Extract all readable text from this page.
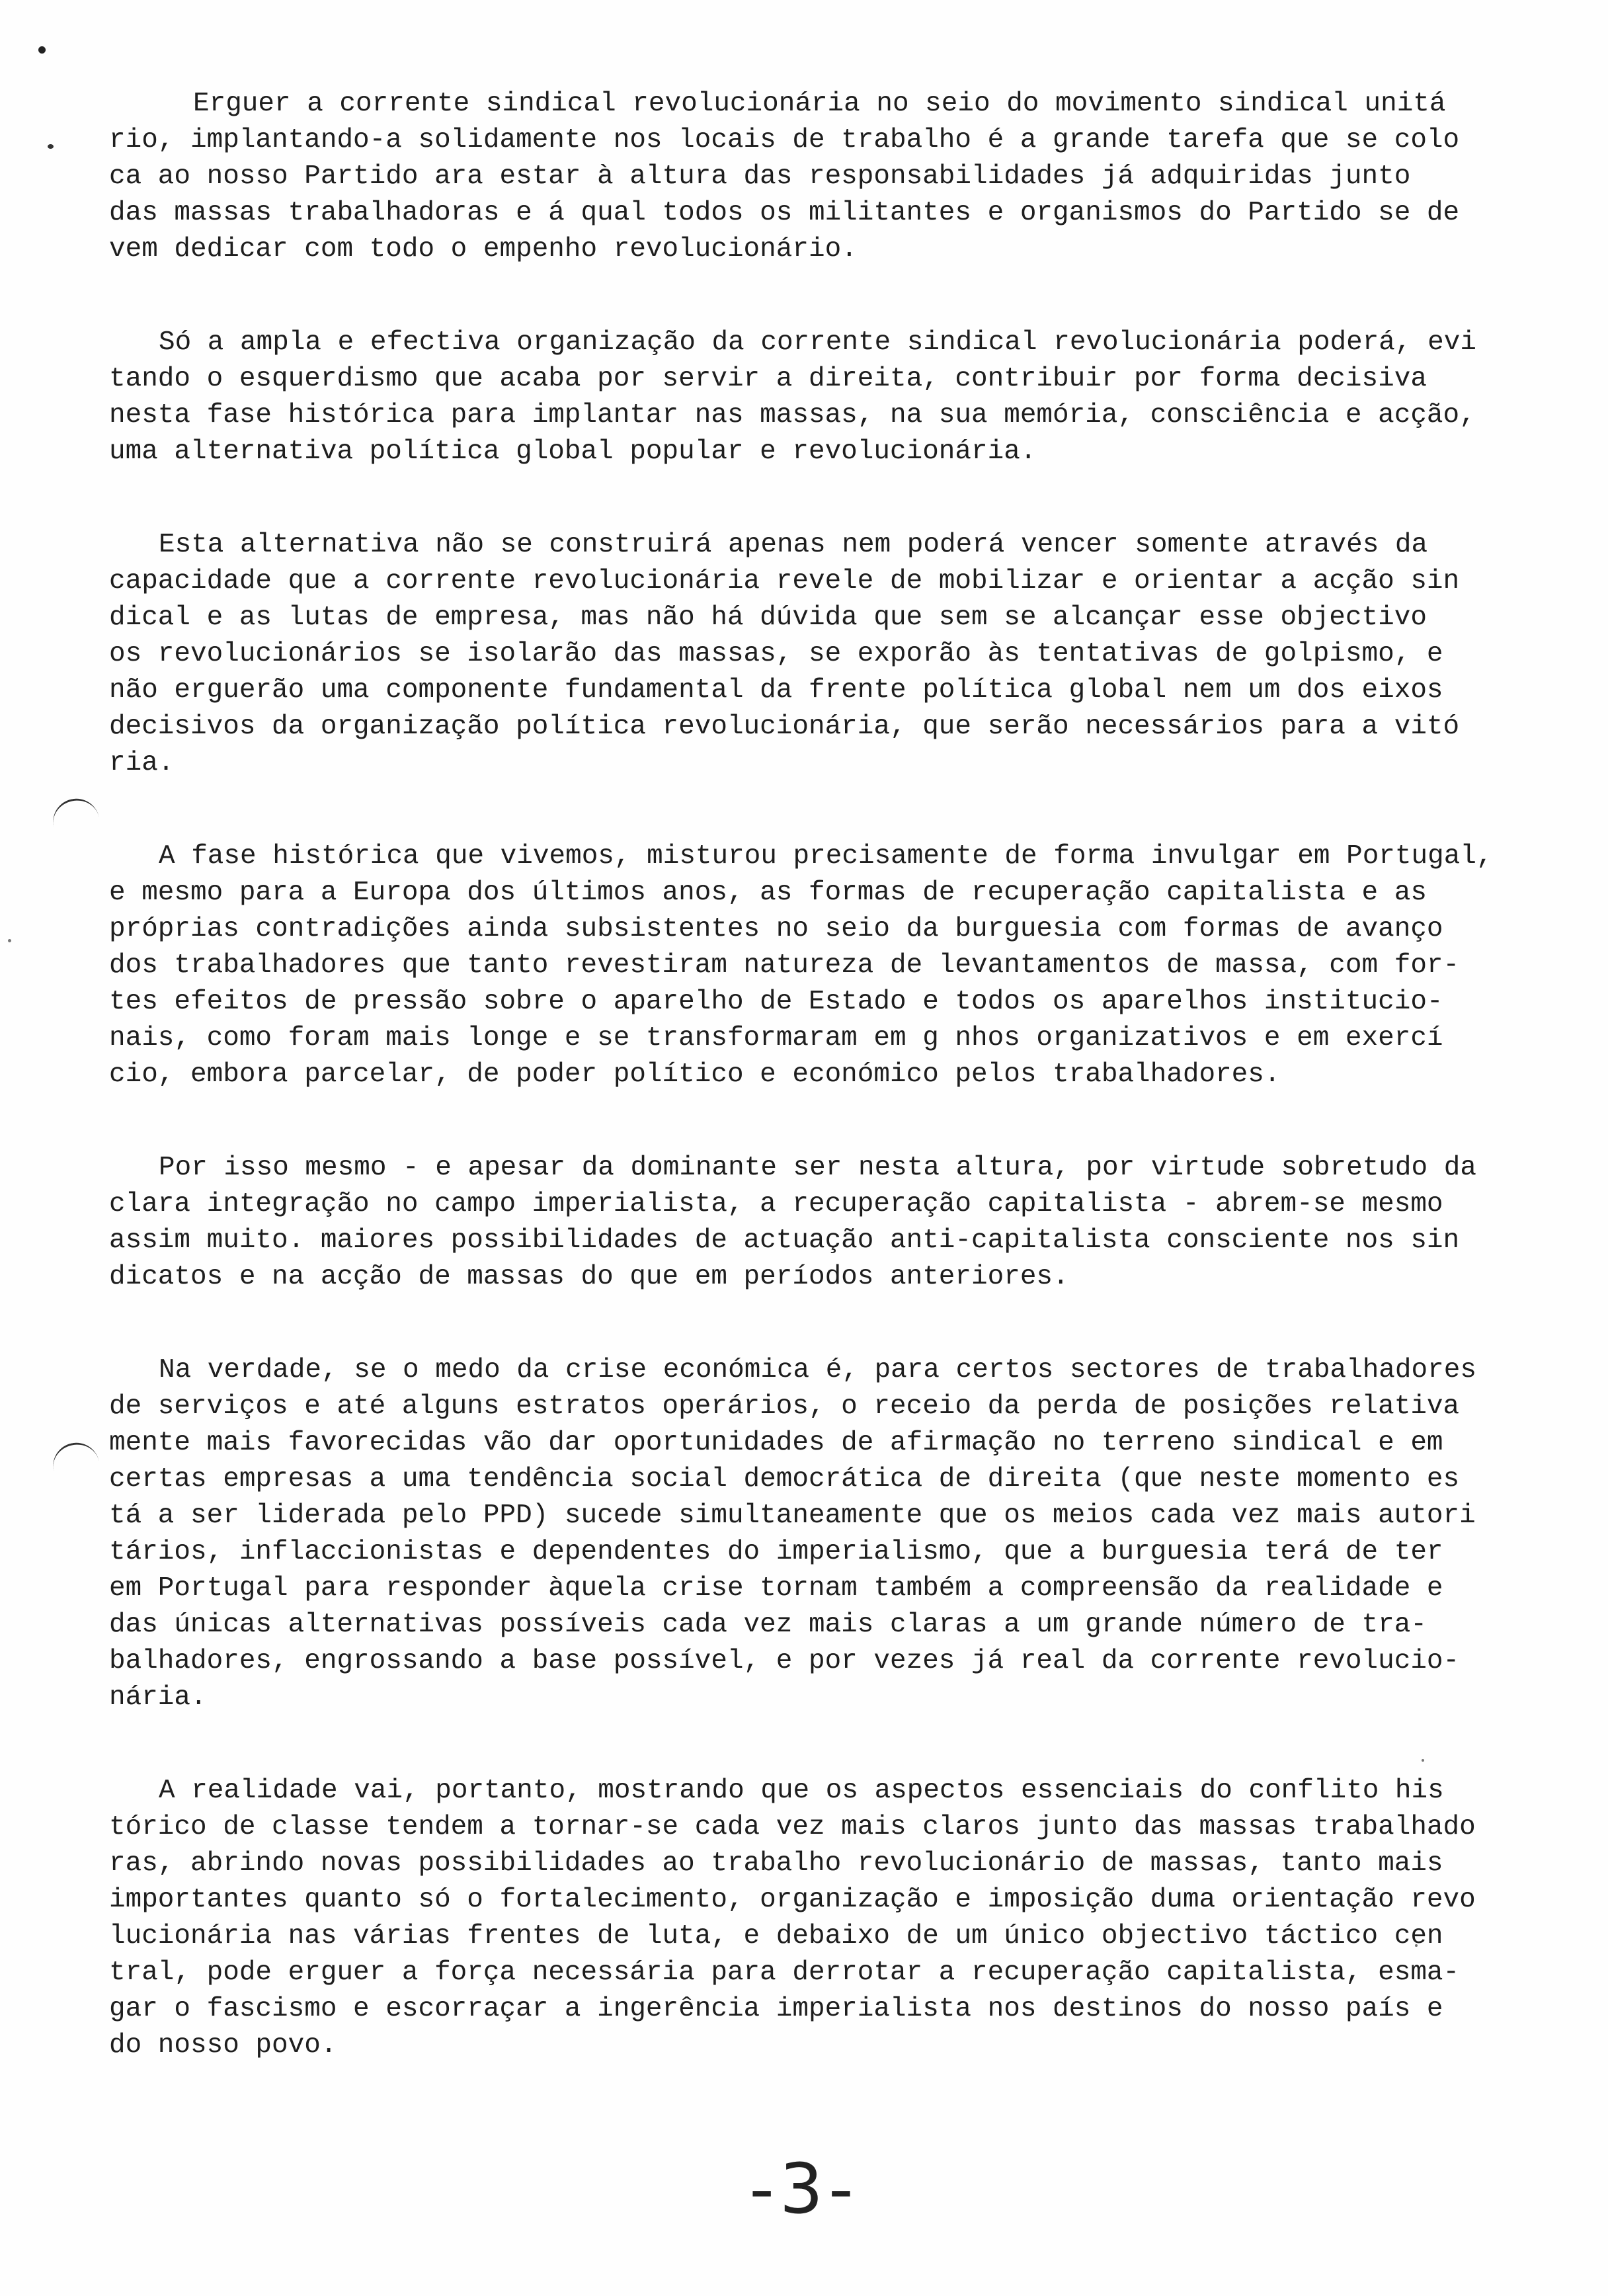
Erguer a corrente sindical revolucionária no seio do movimento sindical unitá
rio, implantando-a solidamente nos locais de trabalho é a grande tarefa que se colo
ca ao nosso Partido ara estar à altura das responsabilidades já adquiridas junto
das massas trabalhadoras e á qual todos os militantes e organismos do Partido se de
vem dedicar com todo o empenho revolucionário.

Só a ampla e efectiva organização da corrente sindical revolucionária poderá, evi
tando o esquerdismo que acaba por servir a direita, contribuir por forma decisiva
nesta fase histórica para implantar nas massas, na sua memória, consciência e acção,
uma alternativa política global popular e revolucionária.

Esta alternativa não se construirá apenas nem poderá vencer somente através da
capacidade que a corrente revolucionária revele de mobilizar e orientar a acção sin
dical e as lutas de empresa, mas não há dúvida que sem se alcançar esse objectivo
os revolucionários se isolarão das massas, se exporão às tentativas de golpismo, e
não erguerão uma componente fundamental da frente política global nem um dos eixos
decisivos da organização política revolucionária, que serão necessários para a vitó
ria.

A fase histórica que vivemos, misturou precisamente de forma invulgar em Portugal,
e mesmo para a Europa dos últimos anos, as formas de recuperação capitalista e as
próprias contradições ainda subsistentes no seio da burguesia com formas de avanço
dos trabalhadores que tanto revestiram natureza de levantamentos de massa, com for-
tes efeitos de pressão sobre o aparelho de Estado e todos os aparelhos institucio-
nais, como foram mais longe e se transformaram em g nhos organizativos e em exercí
cio, embora parcelar, de poder político e económico pelos trabalhadores.

Por isso mesmo - e apesar da dominante ser nesta altura, por virtude sobretudo da
clara integração no campo imperialista, a recuperação capitalista - abrem-se mesmo
assim muito. maiores possibilidades de actuação anti-capitalista consciente nos sin
dicatos e na acção de massas do que em períodos anteriores.

Na verdade, se o medo da crise económica é, para certos sectores de trabalhadores
de serviços e até alguns estratos operários, o receio da perda de posições relativa
mente mais favorecidas vão dar oportunidades de afirmação no terreno sindical e em
certas empresas a uma tendência social democrática de direita (que neste momento es
tá a ser liderada pelo PPD) sucede simultaneamente que os meios cada vez mais autori
tários, inflaccionistas e dependentes do imperialismo, que a burguesia terá de ter
em Portugal para responder àquela crise tornam também a compreensão da realidade e
das únicas alternativas possíveis cada vez mais claras a um grande número de tra-
balhadores, engrossando a base possível, e por vezes já real da corrente revolucio-
nária.

A realidade vai, portanto, mostrando que os aspectos essenciais do conflito his
tórico de classe tendem a tornar-se cada vez mais claros junto das massas trabalhado
ras, abrindo novas possibilidades ao trabalho revolucionário de massas, tanto mais
importantes quanto só o fortalecimento, organização e imposição duma orientação revo
lucionária nas várias frentes de luta, e debaixo de um único objectivo táctico cen
tral, pode erguer a força necessária para derrotar a recuperação capitalista, esma-
gar o fascismo e escorraçar a ingerência imperialista nos destinos do nosso país e
do nosso povo.

-3-
